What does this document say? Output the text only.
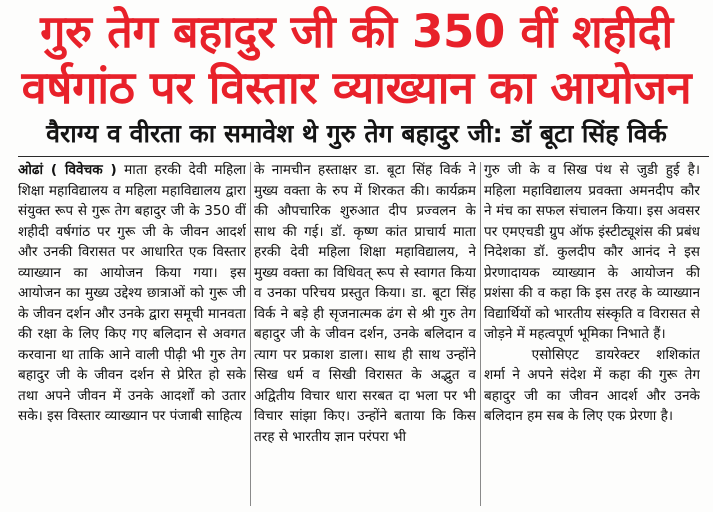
गुरु तेग बहादुर जी की 350 वीं शहीदी
वर्षगांठ पर विस्तार व्याख्यान का आयोजन
वैराग्य व वीरता का समावेश थे गुरु तेग बहादुर जी: डॉ बूटा सिंह विर्क

ओढां ( विवेचक ) माता हरकी देवी महिला शिक्षा महाविद्यालय व महिला महाविद्यालय द्वारा संयुक्त रूप से गुरू तेग बहादुर जी के 350 वीं शहीदी वर्षगांठ पर गुरू जी के जीवन आदर्श और उनकी विरासत पर आधारित एक विस्तार व्याख्यान का आयोजन किया गया। इस आयोजन का मुख्य उद्देश्य छात्राओं को गुरू जी के जीवन दर्शन और उनके द्वारा समूची मानवता की रक्षा के लिए किए गए बलिदान से अवगत करवाना था ताकि आने वाली पीढ़ी भी गुरु तेग बहादुर जी के जीवन दर्शन से प्रेरित हो सके तथा अपने जीवन में उनके आदर्शों को उतार सके। इस विस्तार व्याख्यान पर पंजाबी साहित्य

के नामचीन हस्ताक्षर डा. बूटा सिंह विर्क ने मुख्य वक्ता के रुप में शिरकत की। कार्यक्रम की औपचारिक शुरुआत दीप प्रज्वलन के साथ की गई। डॉ. कृष्ण कांत प्राचार्य माता हरकी देवी महिला शिक्षा महाविद्यालय, ने मुख्य वक्ता का विधिवत् रूप से स्वागत किया व उनका परिचय प्रस्तुत किया। डा. बूटा सिंह विर्क ने बड़े ही सृजनात्मक ढंग से श्री गुरु तेग बहादुर जी के जीवन दर्शन, उनके बलिदान व त्याग पर प्रकाश डाला। साथ ही साथ उन्होंने सिख धर्म व सिखी विरासत के अद्भुत व अद्वितीय विचार धारा सरबत दा भला पर भी विचार सांझा किए। उन्होंने बताया कि किस तरह से भारतीय ज्ञान परंपरा भी

गुरु जी के व सिख पंथ से जुडी हुई है। महिला महाविद्यालय प्रवक्ता अमनदीप कौर ने मंच का सफल संचालन किया। इस अवसर पर एमएचडी ग्रुप ऑफ इंस्टीट्यूशंस की प्रबंध निदेशका डॉ. कुलदीप कौर आनंद ने इस प्रेरणादायक व्याख्यान के आयोजन की प्रशंसा की व कहा कि इस तरह के व्याख्यान विद्यार्थियों को भारतीय संस्कृति व विरासत से जोड़ने में महत्वपूर्ण भूमिका निभाते हैं।

एसोसिएट डायरेक्टर शशिकांत शर्मा ने अपने संदेश में कहा की गुरू तेग बहादुर जी का जीवन आदर्श और उनके बलिदान हम सब के लिए एक प्रेरणा है।
